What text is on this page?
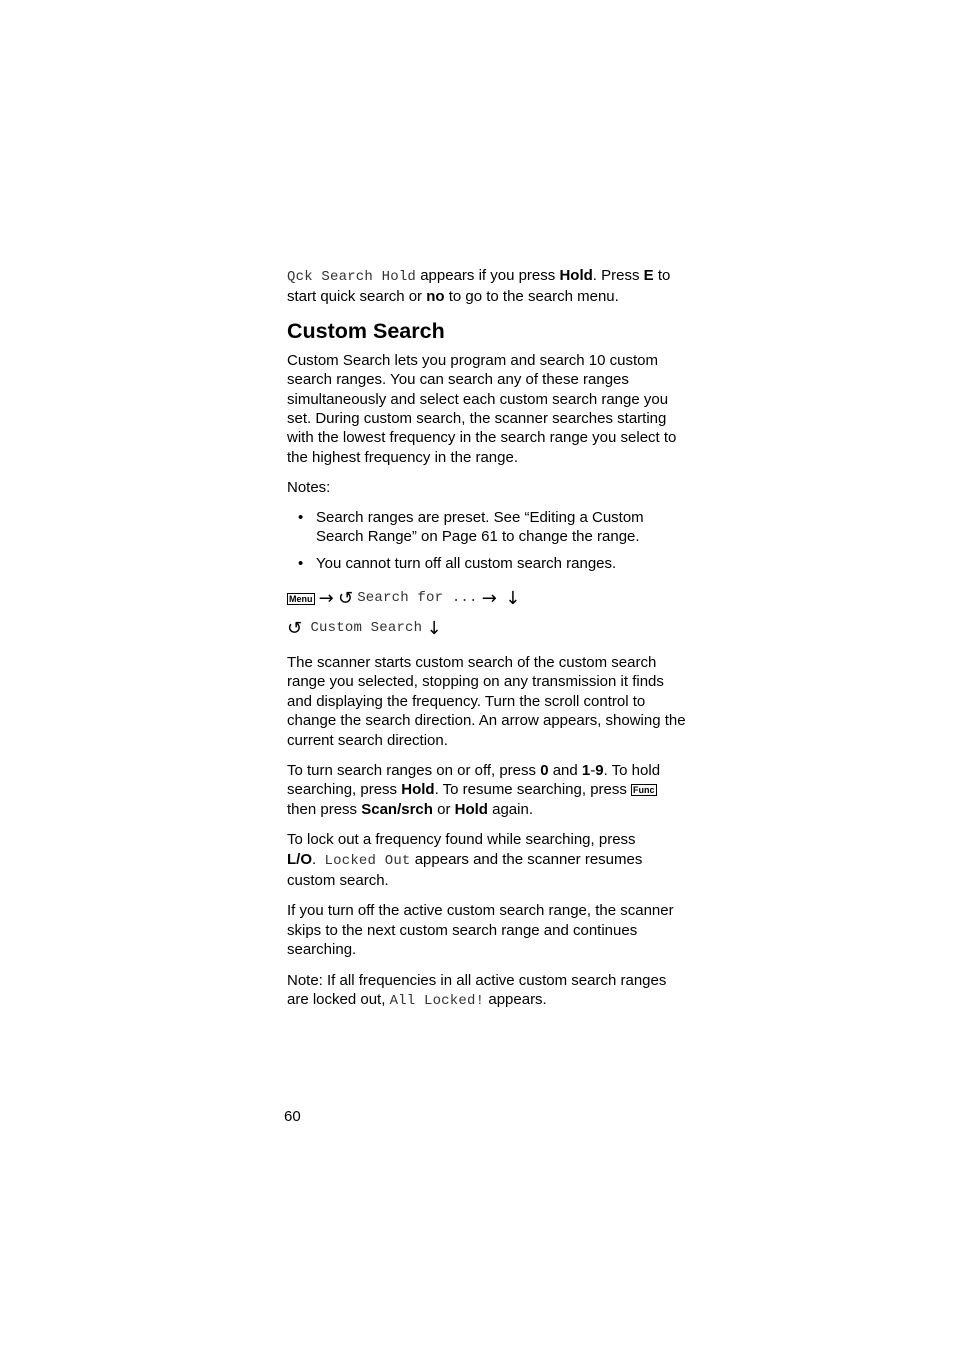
Qck Search Hold appears if you press Hold. Press E to start quick search or no to go to the search menu.

Custom Search

Custom Search lets you program and search 10 custom search ranges. You can search any of these ranges simultaneously and select each custom search range you set. During custom search, the scanner searches starting with the lowest frequency in the search range you select to the highest frequency in the range.

Notes:

• Search ranges are preset. See “Editing a Custom Search Range” on Page 61 to change the range.
• You cannot turn off all custom search ranges.
Menu
→
↺
Search for ...
→
↓
↺
Custom Search
↓

The scanner starts custom search of the custom search range you selected, stopping on any transmission it finds and displaying the frequency. Turn the scroll control to change the search direction. An arrow appears, showing the current search direction.

To turn search ranges on or off, press 0 and 1-9. To hold searching, press Hold. To resume searching, press Func then press Scan/srch or Hold again.

To lock out a frequency found while searching, press L/O.  Locked Out appears and the scanner resumes custom search.

If you turn off the active custom search range, the scanner skips to the next custom search range and continues searching.

Note: If all frequencies in all active custom search ranges are locked out, All Locked! appears.

60
